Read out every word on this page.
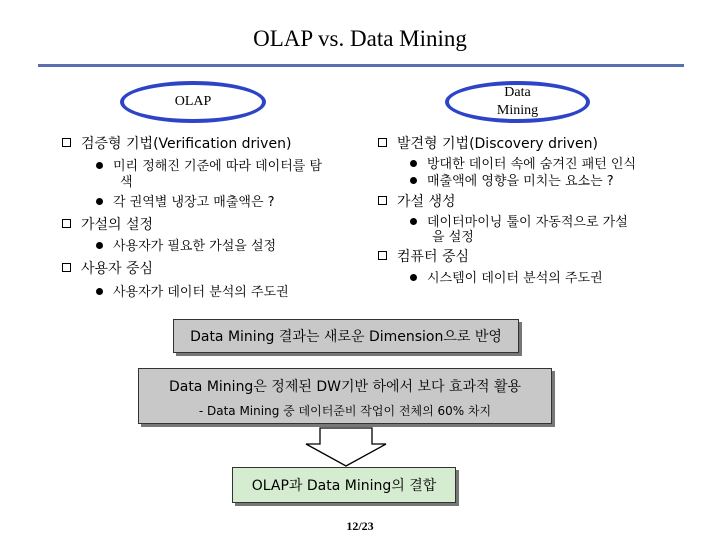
OLAP vs. Data Mining
OLAP
Data Mining
검증형 기법(Verification driven)
미리 정해진 기준에 따라 데이터를 탐
색
각 권역별 냉장고 매출액은 ?
가설의 설정
사용자가 필요한 가설을 설정
사용자 중심
사용자가 데이터 분석의 주도권
발견형 기법(Discovery driven)
방대한 데이터 속에 숨겨진 패턴 인식
매출액에 영향을 미치는 요소는 ?
가설 생성
데이터마이닝 툴이 자동적으로 가설
을 설정
컴퓨터 중심
시스템이 데이터 분석의 주도권
Data Mining 결과는 새로운 Dimension으로 반영
Data Mining은 정제된 DW기반 하에서 보다 효과적 활용
- Data Mining 중 데이터준비 작업이 전체의 60% 차지
OLAP과 Data Mining의 결합
12/23
